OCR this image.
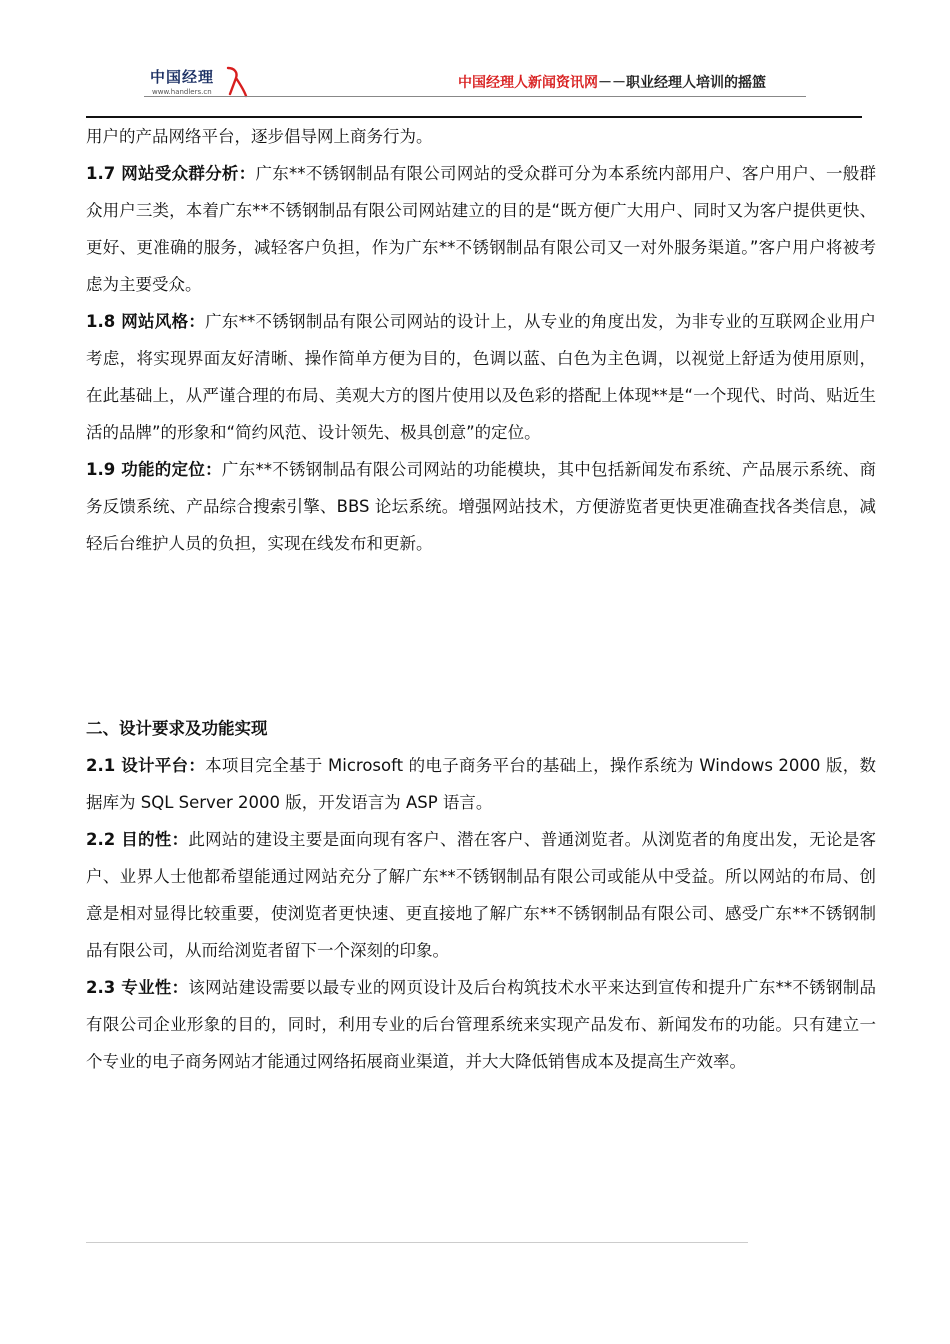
中国经理
www.handlers.cn
中国经理人新闻资讯网－－职业经理人培训的摇篮

用户的产品网络平台，逐步倡导网上商务行为。

1.7 网站受众群分析：广东**不锈钢制品有限公司网站的受众群可分为本系统内部用户、客户用户、一般群众用户三类，本着广东**不锈钢制品有限公司网站建立的目的是“既方便广大用户、同时又为客户提供更快、更好、更准确的服务，减轻客户负担，作为广东**不锈钢制品有限公司又一对外服务渠道。”客户用户将被考虑为主要受众。

1.8 网站风格：广东**不锈钢制品有限公司网站的设计上，从专业的角度出发，为非专业的互联网企业用户考虑，将实现界面友好清晰、操作简单方便为目的，色调以蓝、白色为主色调，以视觉上舒适为使用原则，在此基础上，从严谨合理的布局、美观大方的图片使用以及色彩的搭配上体现**是“一个现代、时尚、贴近生活的品牌”的形象和“简约风范、设计领先、极具创意”的定位。

1.9 功能的定位：广东**不锈钢制品有限公司网站的功能模块，其中包括新闻发布系统、产品展示系统、商务反馈系统、产品综合搜索引擎、BBS 论坛系统。增强网站技术，方便游览者更快更准确查找各类信息，减轻后台维护人员的负担，实现在线发布和更新。

二、设计要求及功能实现

2.1 设计平台：本项目完全基于 Microsoft 的电子商务平台的基础上，操作系统为 Windows 2000 版，数据库为 SQL Server 2000 版，开发语言为 ASP 语言。

2.2 目的性：此网站的建设主要是面向现有客户、潜在客户、普通浏览者。从浏览者的角度出发，无论是客户、业界人士他都希望能通过网站充分了解广东**不锈钢制品有限公司或能从中受益。所以网站的布局、创意是相对显得比较重要，使浏览者更快速、更直接地了解广东**不锈钢制品有限公司、感受广东**不锈钢制品有限公司，从而给浏览者留下一个深刻的印象。

2.3 专业性：该网站建设需要以最专业的网页设计及后台构筑技术水平来达到宣传和提升广东**不锈钢制品有限公司企业形象的目的，同时，利用专业的后台管理系统来实现产品发布、新闻发布的功能。只有建立一个专业的电子商务网站才能通过网络拓展商业渠道，并大大降低销售成本及提高生产效率。
